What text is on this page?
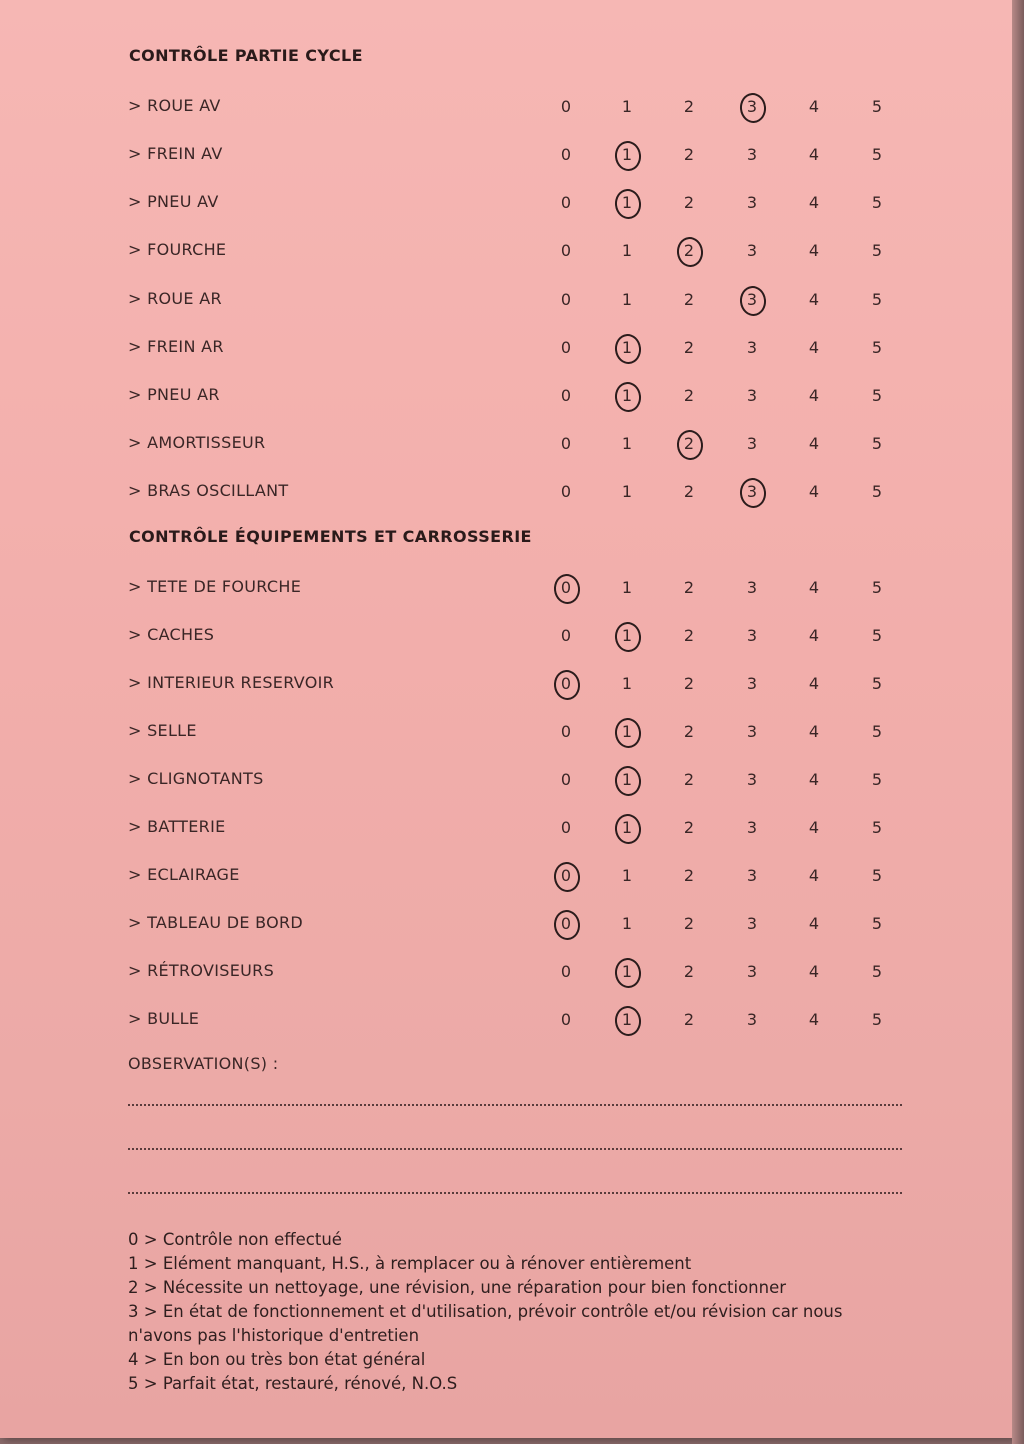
CONTRÔLE PARTIE CYCLE
> ROUE AV	0	1	2	3	4	5
> FREIN AV	0	1	2	3	4	5
> PNEU AV	0	1	2	3	4	5
> FOURCHE	0	1	2	3	4	5
> ROUE AR	0	1	2	3	4	5
> FREIN AR	0	1	2	3	4	5
> PNEU AR	0	1	2	3	4	5
> AMORTISSEUR	0	1	2	3	4	5
> BRAS OSCILLANT	0	1	2	3	4	5
CONTRÔLE ÉQUIPEMENTS ET CARROSSERIE
> TETE DE FOURCHE	0	1	2	3	4	5
> CACHES	0	1	2	3	4	5
> INTERIEUR RESERVOIR	0	1	2	3	4	5
> SELLE	0	1	2	3	4	5
> CLIGNOTANTS	0	1	2	3	4	5
> BATTERIE	0	1	2	3	4	5
> ECLAIRAGE	0	1	2	3	4	5
> TABLEAU DE BORD	0	1	2	3	4	5
> RÉTROVISEURS	0	1	2	3	4	5
> BULLE	0	1	2	3	4	5
OBSERVATION(S) :
0 > Contrôle non effectué
1 > Elément manquant, H.S., à remplacer ou à rénover entièrement
2 > Nécessite un nettoyage, une révision, une réparation pour bien fonctionner
3 > En état de fonctionnement et d'utilisation, prévoir contrôle et/ou révision car nous n'avons pas l'historique d'entretien
4 > En bon ou très bon état général
5 > Parfait état, restauré, rénové, N.O.S
